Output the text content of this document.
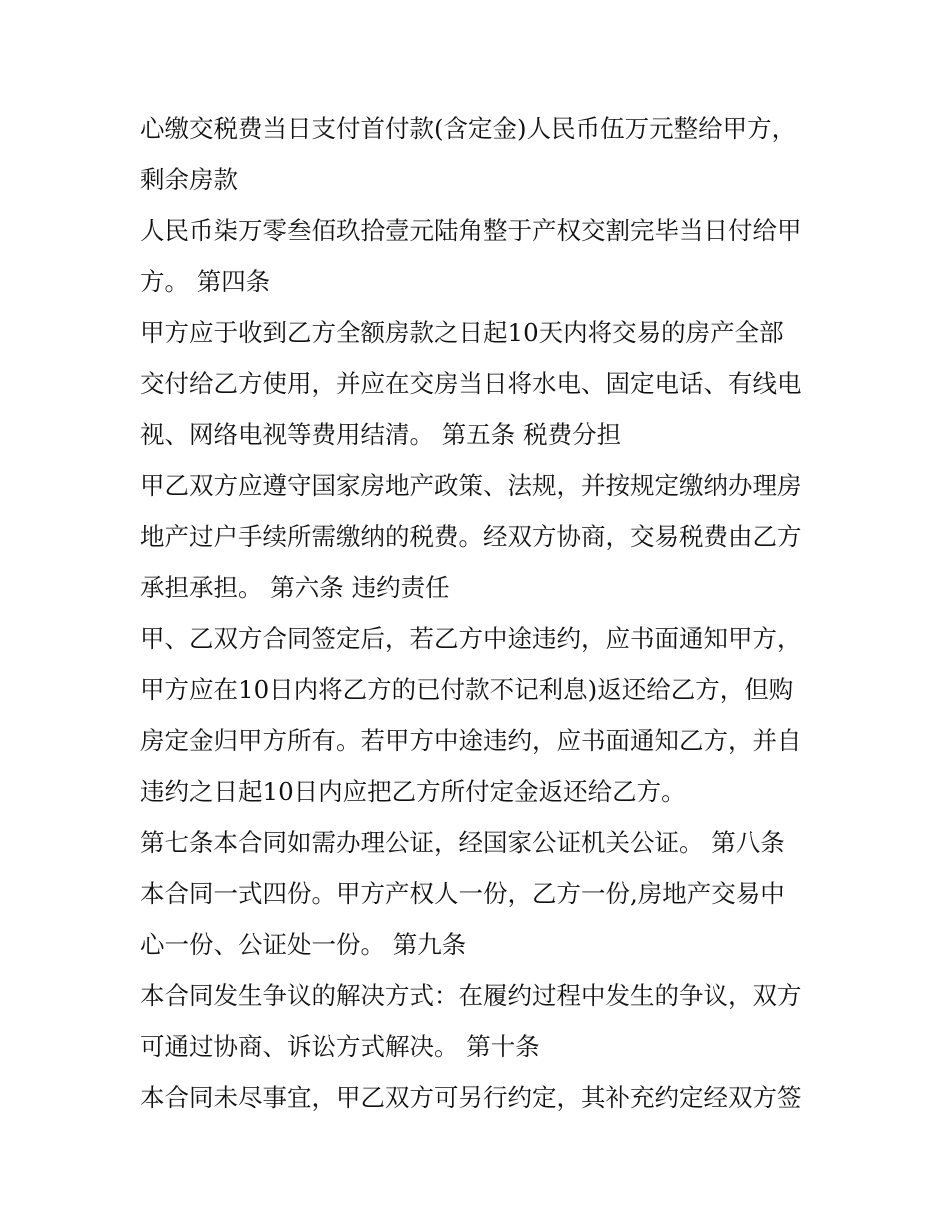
心缴交税费当日支付首付款(含定金)人民币伍万元整给甲方，
剩余房款
人民币柒万零叁佰玖拾壹元陆角整于产权交割完毕当日付给甲
方。 第四条
甲方应于收到乙方全额房款之日起10天内将交易的房产全部
交付给乙方使用，并应在交房当日将水电、固定电话、有线电
视、网络电视等费用结清。 第五条 税费分担
甲乙双方应遵守国家房地产政策、法规，并按规定缴纳办理房
地产过户手续所需缴纳的税费。经双方协商，交易税费由乙方
承担承担。 第六条 违约责任
甲、乙双方合同签定后，若乙方中途违约，应书面通知甲方，
甲方应在10日内将乙方的已付款不记利息)返还给乙方，但购
房定金归甲方所有。若甲方中途违约，应书面通知乙方，并自
违约之日起10日内应把乙方所付定金返还给乙方。
第七条本合同如需办理公证，经国家公证机关公证。 第八条
本合同一式四份。甲方产权人一份，乙方一份,房地产交易中
心一份、公证处一份。 第九条
本合同发生争议的解决方式：在履约过程中发生的争议，双方
可通过协商、诉讼方式解决。 第十条
本合同未尽事宜，甲乙双方可另行约定，其补充约定经双方签
